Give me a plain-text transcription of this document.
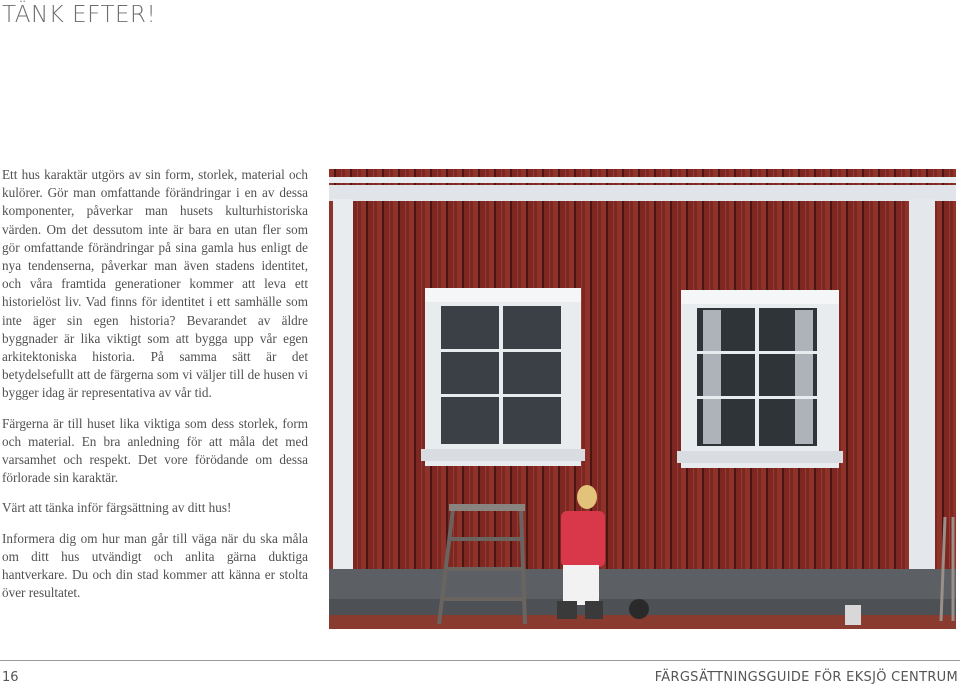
TÄNK EFTER!

Ett hus karaktär utgörs av sin form, storlek, material och kulörer. Gör man omfattande förändringar i en av dessa komponenter, påverkar man husets kulturhistoriska värden. Om det dessutom inte är bara en utan fler som gör omfattande förändringar på sina gamla hus enligt de nya tendenserna, påverkar man även stadens identitet, och våra framtida generationer kommer att leva ett historielöst liv. Vad finns för identitet i ett samhälle som inte äger sin egen historia? Bevarandet av äldre byggnader är lika viktigt som att bygga upp vår egen arkitektoniska historia. På samma sätt är det betydelsefullt att de färgerna som vi väljer till de husen vi bygger idag är representativa av vår tid.

Färgerna är till huset lika viktiga som dess storlek, form och material. En bra anledning för att måla det med varsamhet och respekt. Det vore förödande om dessa förlorade sin karaktär.

Värt att tänka inför färgsättning av ditt hus!

Informera dig om hur man går till väga när du ska måla om ditt hus utvändigt och anlita gärna duktiga hantverkare. Du och din stad kommer att känna er stolta över resultatet.

16	FÄRGSÄTTNINGSGUIDE FÖR EKSJÖ CENTRUM
